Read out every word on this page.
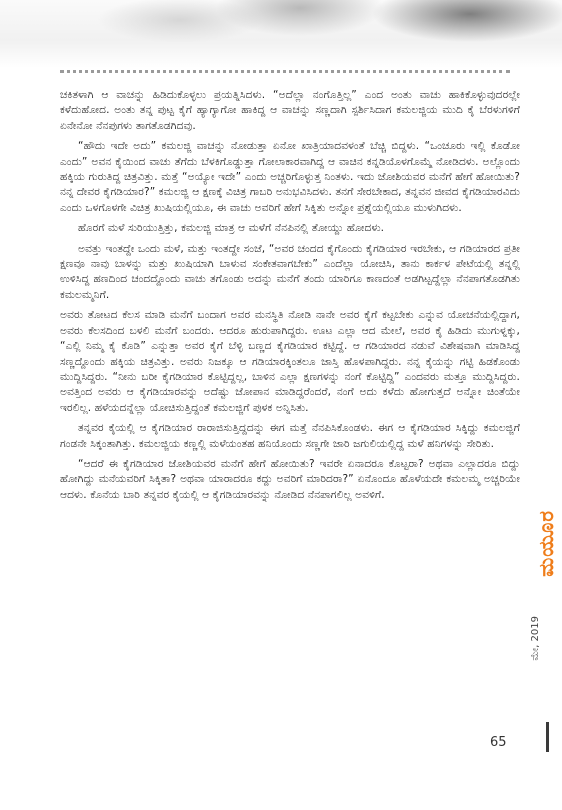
ಚಕಿತಳಾಗಿ ಆ ವಾಚನ್ನು ಹಿಡಿದುಕೊಳ್ಳಲು ಪ್ರಯತ್ನಿಸಿದಳು. “ಅದೆಲ್ಲಾ ನಂಗೊತ್ತಿಲ್ಲ” ಎಂದ ಅಂತು ವಾಚು ಹಾಕಿಕೊಳ್ಳುವುದರಲ್ಲೇ ಕಳೆದುಹೋದ. ಅಂತು ತನ್ನ ಪುಟ್ಟ ಕೈಗೆ ಹ್ಯಾಗ್ಯಾಗೋ ಹಾಕಿದ್ದ ಆ ವಾಚನ್ನು ಸಣ್ಣದಾಗಿ ಸ್ಪರ್ಶಿಸಿದಾಗ ಕಮಲಜ್ಜಿಯ ಮುದಿ ಕೈ ಬೆರಳುಗಳಿಗೆ ಏನೇನೋ ನೆನಪುಗಳು ತಾಗತೊಡಗಿದವು.

“ಹೌದು ಇದೇ ಅದು” ಕಮಲಜ್ಜಿ ವಾಚನ್ನು ನೋಡುತ್ತಾ ಏನೋ ಖಾತ್ರಿಯಾದವಳಂತೆ ಬೆಚ್ಚಿ ಬಿದ್ದಳು. “ಒಂಚೂರು ಇಲ್ಲಿ ಕೊಡೋ ಎಂದು” ಅವನ ಕೈಯಿಂದ ವಾಚು ತೆಗೆದು ಬೆಳಕಿಗೊಡ್ಡುತ್ತಾ ಗೋಲಾಕಾರವಾಗಿದ್ದ ಆ ವಾಚಿನ ಕನ್ನಡಿಯೊಳಗೊಮ್ಮೆ ನೋಡಿದಳು. ಅಲ್ಲೊಂದು ಹಕ್ಕಿಯ ಗುರುತಿದ್ದ ಚಿತ್ರವಿತ್ತು. ಮತ್ತೆ “ಅಯ್ಯೋ ಇದೇ” ಎಂದು ಅಚ್ಚರಿಗೊಳ್ಳುತ್ತ ನಿಂತಳು. ಇದು ಜೋಶಿಯವರ ಮನೆಗೆ ಹೇಗೆ ಹೋಯಿತು? ನನ್ನ ದೇವರ ಕೈಗಡಿಯಾರ?” ಕಮಲಜ್ಜಿ ಆ ಕ್ಷಣಕ್ಕೆ ವಿಚಿತ್ರ ಗಾಬರಿ ಅನುಭವಿಸಿದಳು. ತನಗೆ ಸೇರಬೇಕಾದ, ತನ್ನವನ ಜೀವದ ಕೈಗಡಿಯಾರವಿದು ಎಂದು ಒಳಗೊಳಗೇ ವಿಚಿತ್ರ ಖುಷಿಯಲ್ಲಿಯೂ, ಈ ವಾಚು ಅವರಿಗೆ ಹೇಗೆ ಸಿಕ್ಕಿತು ಅನ್ನೋ ಪ್ರಶ್ನೆಯಲ್ಲಿಯೂ ಮುಳುಗಿದಳು.

ಹೊರಗೆ ಮಳೆ ಸುರಿಯುತ್ತಿತ್ತು, ಕಮಲಜ್ಜಿ ಮಾತ್ರ ಆ ಮಳೆಗೆ ನೆನಪಿನಲ್ಲಿ ತೋಯ್ದು ಹೋದಳು.

ಅವತ್ತು ಇಂತದ್ದೇ ಒಂದು ಮಳೆ, ಮತ್ತು ಇಂತದ್ದೇ ಸಂಜೆ, “ಅವರ ಚಂದದ ಕೈಗೊಂದು ಕೈಗಡಿಯಾರ ಇರಬೇಕು, ಆ ಗಡಿಯಾರದ ಪ್ರತೀ ಕ್ಷಣವೂ ನಾವು ಬಾಳನ್ನು ಮತ್ತು ಖುಷಿಯಾಗಿ ಬಾಳುವ ಸಂಕೇತವಾಗಬೇಕು” ಎಂದೆಲ್ಲಾ ಯೋಚಿಸಿ, ತಾನು ಕಾರ್ಕಳ ಪೇಟೆಯಲ್ಲಿ ತನ್ನಲ್ಲಿ ಉಳಿಸಿದ್ದ ಹಣದಿಂದ ಚಂದದ್ದೊಂದು ವಾಚು ತಗೊಂಡು ಅದನ್ನು ಮನೆಗೆ ತಂದು ಯಾರಿಗೂ ಕಾಣದಂತೆ ಅಡಗಿಟ್ಟದ್ದೆಲ್ಲಾ ನೆನಪಾಗತೊಡಗಿತು ಕಮಲಮ್ಮನಿಗೆ.

ಅವರು ತೋಟದ ಕೆಲಸ ಮಾಡಿ ಮನೆಗೆ ಬಂದಾಗ ಅವರ ಮನಸ್ಥಿತಿ ನೋಡಿ ನಾನೇ ಅವರ ಕೈಗೆ ಕಟ್ಟಬೇಕು ಎನ್ನುವ ಯೋಚನೆಯಲ್ಲಿದ್ದಾಗ, ಅವರು ಕೆಲಸದಿಂದ ಬಳಲಿ ಮನೆಗೆ ಬಂದರು. ಆದರೂ ಹುರುಪಾಗಿದ್ದರು. ಊಟ ಎಲ್ಲಾ ಆದ ಮೇಲೆ, ಅವರ ಕೈ ಹಿಡಿದು ಮುಗುಳ್ನಕ್ಕು, “ಎಲ್ಲಿ ನಿಮ್ಮ ಕೈ ಕೊಡಿ” ಎನ್ನುತ್ತಾ ಅವರ ಕೈಗೆ ಬೆಳ್ಳಿ ಬಣ್ಣದ ಕೈಗಡಿಯಾರ ಕಟ್ಟಿದ್ದೆ. ಆ ಗಡಿಯಾರದ ನಡುವೆ ವಿಶೇಷವಾಗಿ ಮಾಡಿಸಿದ್ದ ಸಣ್ಣದ್ದೊಂದು ಹಕ್ಕಿಯ ಚಿತ್ರವಿತ್ತು. ಅವರು ನಿಜಕ್ಕೂ ಆ ಗಡಿಯಾರಕ್ಕಿಂತಲೂ ಜಾಸ್ತಿ ಹೊಳಪಾಗಿದ್ದರು. ನನ್ನ ಕೈಯನ್ನು ಗಟ್ಟಿ ಹಿಡಕೊಂಡು ಮುದ್ದಿಸಿದ್ದರು. “ನೀನು ಬರೀ ಕೈಗಡಿಯಾರ ಕೊಟ್ಟಿದ್ದಲ್ಲ, ಬಾಳಿನ ಎಲ್ಲಾ ಕ್ಷಣಗಳನ್ನು ನಂಗೆ ಕೊಟ್ಟಿದ್ದಿ” ಎಂದವರು ಮತ್ತೂ ಮುದ್ದಿಸಿದ್ದರು. ಅವತ್ತಿಂದ ಅವರು ಆ ಕೈಗಡಿಯಾರವನ್ನು ಅದೆಷ್ಟು ಜೋಪಾನ ಮಾಡಿದ್ದರೆಂದರೆ, ನಂಗೆ ಅದು ಕಳೆದು ಹೋಗುತ್ತದೆ ಅನ್ನೋ ಚಿಂತೆಯೇ ಇರಲಿಲ್ಲ. ಹಳೆಯದನ್ನೆಲ್ಲಾ ಯೋಚಿಸುತ್ತಿದ್ದಂತೆ ಕಮಲಜ್ಜಿಗೆ ಪುಳಕ ಅನ್ನಿಸಿತು.

ತನ್ನವರ ಕೈಯಲ್ಲಿ ಆ ಕೈಗಡಿಯಾರ ರಾರಾಜಿಸುತ್ತಿದ್ದದನ್ನು ಈಗ ಮತ್ತೆ ನೆನಪಿಸಿಕೊಂಡಳು. ಈಗ ಆ ಕೈಗಡಿಯಾರ ಸಿಕ್ಕಿದ್ದು ಕಮಲಜ್ಜಿಗೆ ಗಂಡನೇ ಸಿಕ್ಕಂತಾಗಿತ್ತು. ಕಮಲಜ್ಜಿಯ ಕಣ್ಣಲ್ಲಿ ಮಳೆಯಂತಹ ಹನಿಯೊಂದು ಸಣ್ಣಗೇ ಜಾರಿ ಜಗುಲಿಯಲ್ಲಿದ್ದ ಮಳೆ ಹನಿಗಳನ್ನು ಸೇರಿತು.

“ಆದರೆ ಈ ಕೈಗಡಿಯಾರ ಜೋಶಿಯವರ ಮನೆಗೆ ಹೇಗೆ ಹೋಯಿತು? ಇವರೇ ಏನಾದರೂ ಕೊಟ್ಟರಾ? ಅಥವಾ ಎಲ್ಲಾದರೂ ಬಿದ್ದು ಹೋಗಿದ್ದು ಮನೆಯವರಿಗೆ ಸಿಕ್ಕಿತಾ? ಅಥವಾ ಯಾರಾದರೂ ಕದ್ದು ಅವರಿಗೆ ಮಾರಿದರಾ?” ಏನೊಂದೂ ಹೊಳೆಯದೇ ಕಮಲಮ್ಮ ಅಚ್ಚರಿಯೇ ಆದಳು. ಕೊನೆಯ ಬಾರಿ ತನ್ನವರ ಕೈಯಲ್ಲಿ ಆ ಕೈಗಡಿಯಾರವನ್ನು ನೋಡಿದ ನೆನಪಾಗಲಿಲ್ಲ ಅವಳಿಗೆ.

ಮಯೂರ
ಮೇ, 2019
65
